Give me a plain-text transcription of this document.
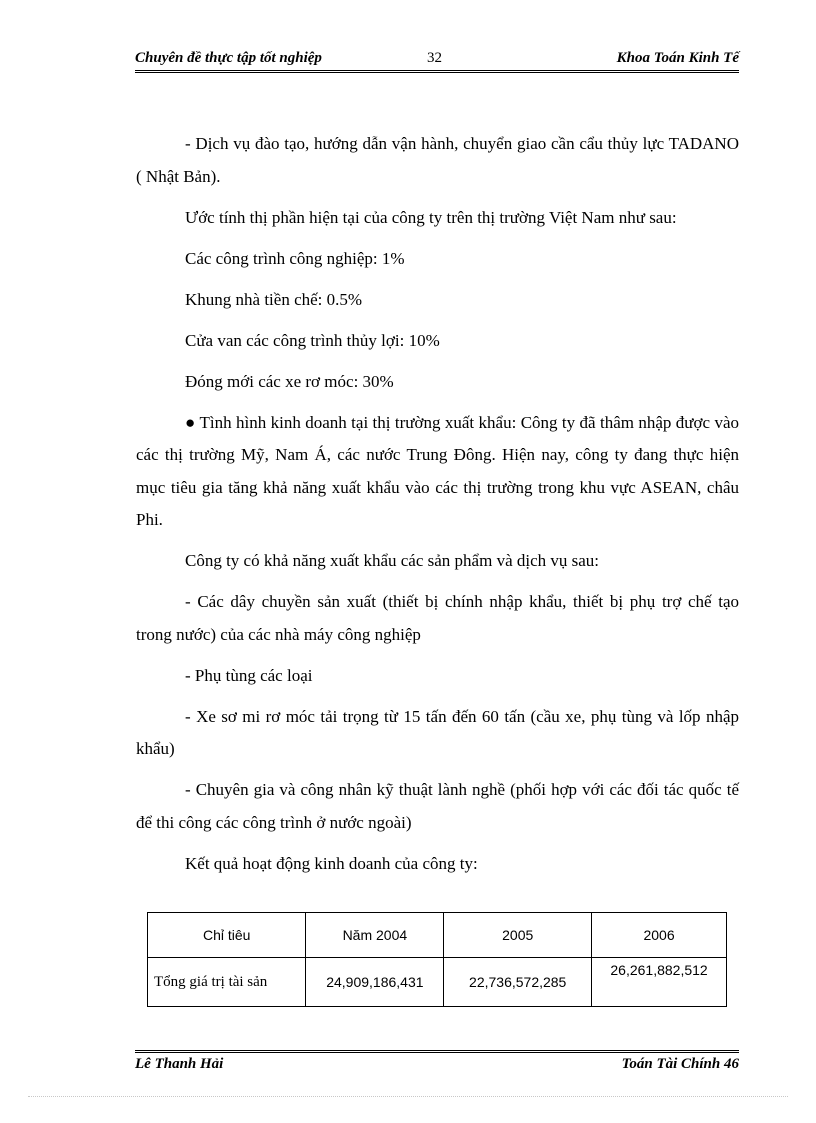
Chuyên đề thực tập tốt nghiệp	32	Khoa Toán Kinh Tế

- Dịch vụ đào tạo, hướng dẫn vận hành, chuyển giao cần cẩu thủy lực TADANO ( Nhật Bản).

Ước tính thị phần hiện tại của công ty trên thị trường Việt Nam như sau:

Các công trình công nghiệp: 1%

Khung nhà tiền chế: 0.5%

Cửa van các công trình thủy lợi: 10%

Đóng mới các xe rơ móc: 30%

● Tình hình kinh doanh tại thị trường xuất khẩu: Công ty đã thâm nhập được vào các thị trường Mỹ, Nam Á, các nước Trung Đông. Hiện nay, công ty đang thực hiện mục tiêu gia tăng khả năng xuất khẩu vào các thị trường trong khu vực ASEAN, châu Phi.

Công ty có khả năng xuất khẩu các sản phẩm và dịch vụ sau:

- Các dây chuyền sản xuất (thiết bị chính nhập khẩu, thiết bị phụ trợ chế tạo trong nước) của các nhà máy công nghiệp

- Phụ tùng các loại

- Xe sơ mi rơ móc tải trọng từ 15 tấn đến 60 tấn (cầu xe, phụ tùng và lốp nhập khẩu)

- Chuyên gia và công nhân kỹ thuật lành nghề (phối hợp với các đối tác quốc tế để thi công các công trình ở nước ngoài)

Kết quả hoạt động kinh doanh của công ty:

Chỉ tiêu	Năm 2004	2005	2006
Tổng giá trị tài sản	24,909,186,431	22,736,572,285	26,261,882,512
Lê Thanh Hải	Toán Tài Chính 46
